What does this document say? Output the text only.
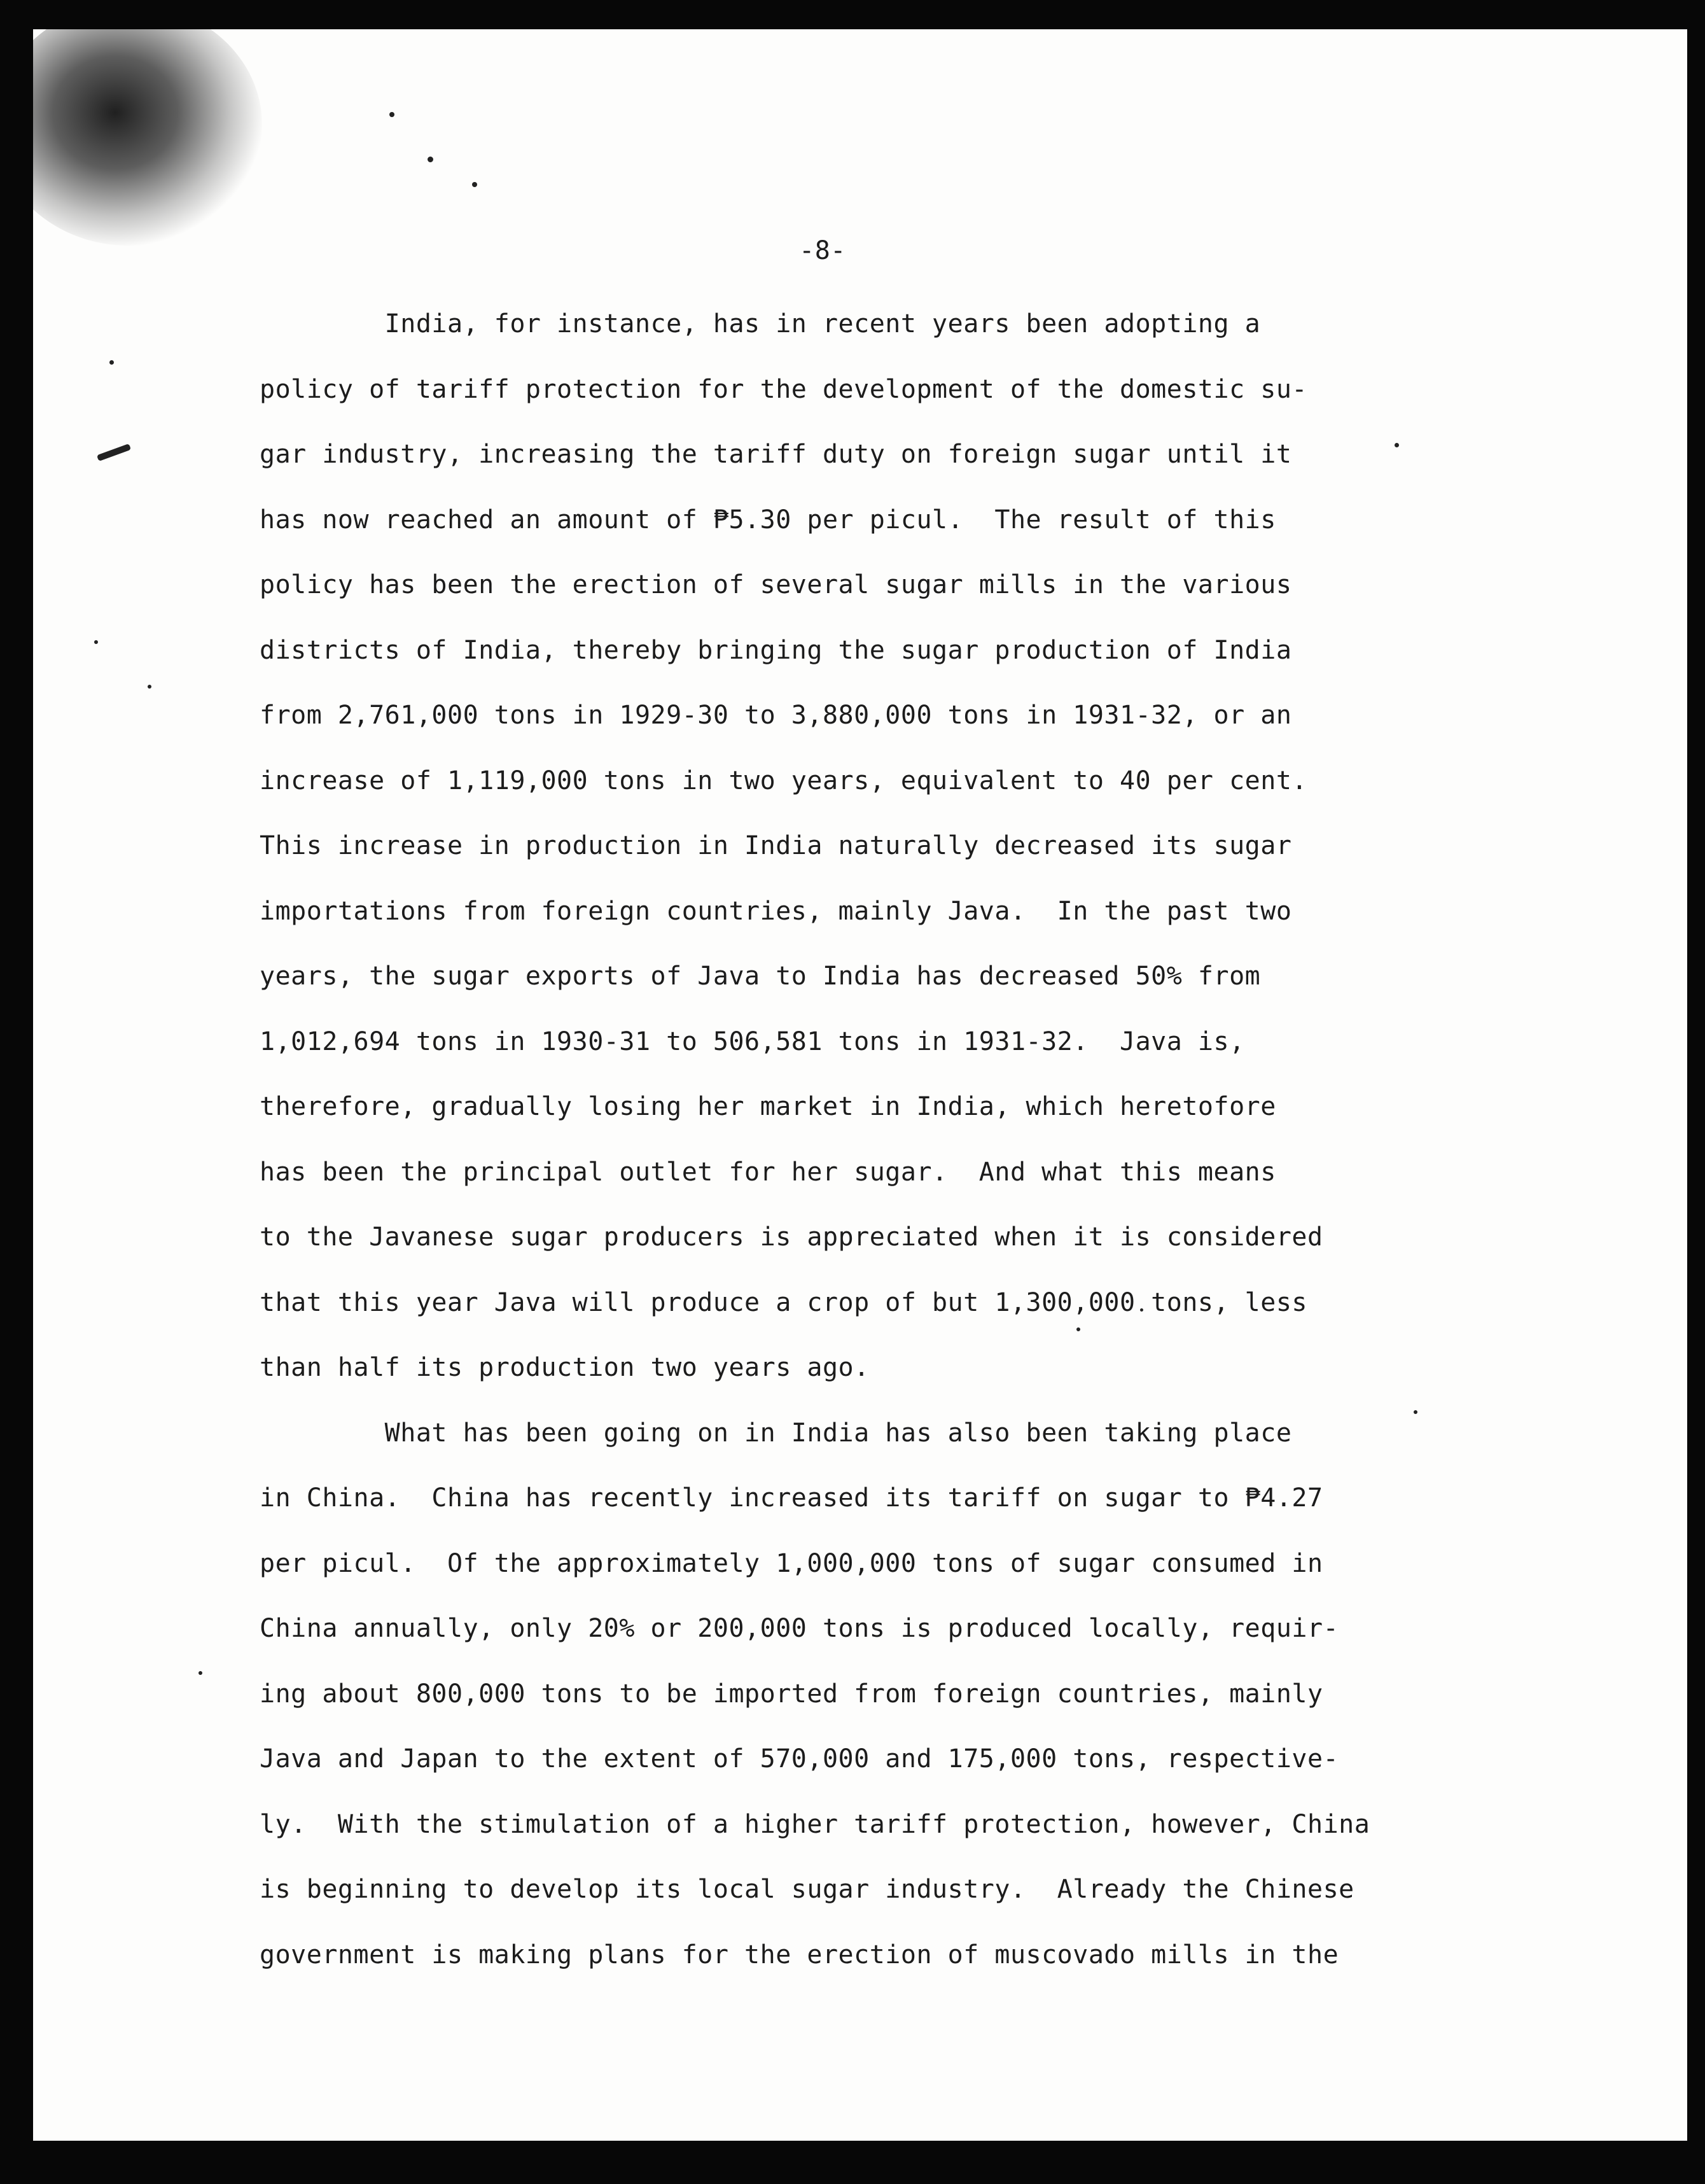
-8-
India, for instance, has in recent years been adopting a
policy of tariff protection for the development of the domestic su-
gar industry, increasing the tariff duty on foreign sugar until it
has now reached an amount of ₱5.30 per picul.  The result of this
policy has been the erection of several sugar mills in the various
districts of India, thereby bringing the sugar production of India
from 2,761,000 tons in 1929-30 to 3,880,000 tons in 1931-32, or an
increase of 1,119,000 tons in two years, equivalent to 40 per cent.
This increase in production in India naturally decreased its sugar
importations from foreign countries, mainly Java.  In the past two
years, the sugar exports of Java to India has decreased 50% from
1,012,694 tons in 1930-31 to 506,581 tons in 1931-32.  Java is,
therefore, gradually losing her market in India, which heretofore
has been the principal outlet for her sugar.  And what this means
to the Javanese sugar producers is appreciated when it is considered
that this year Java will produce a crop of but 1,300,000 tons, less
than half its production two years ago.
What has been going on in India has also been taking place
in China.  China has recently increased its tariff on sugar to ₱4.27
per picul.  Of the approximately 1,000,000 tons of sugar consumed in
China annually, only 20% or 200,000 tons is produced locally, requir-
ing about 800,000 tons to be imported from foreign countries, mainly
Java and Japan to the extent of 570,000 and 175,000 tons, respective-
ly.  With the stimulation of a higher tariff protection, however, China
is beginning to develop its local sugar industry.  Already the Chinese
government is making plans for the erection of muscovado mills in the
